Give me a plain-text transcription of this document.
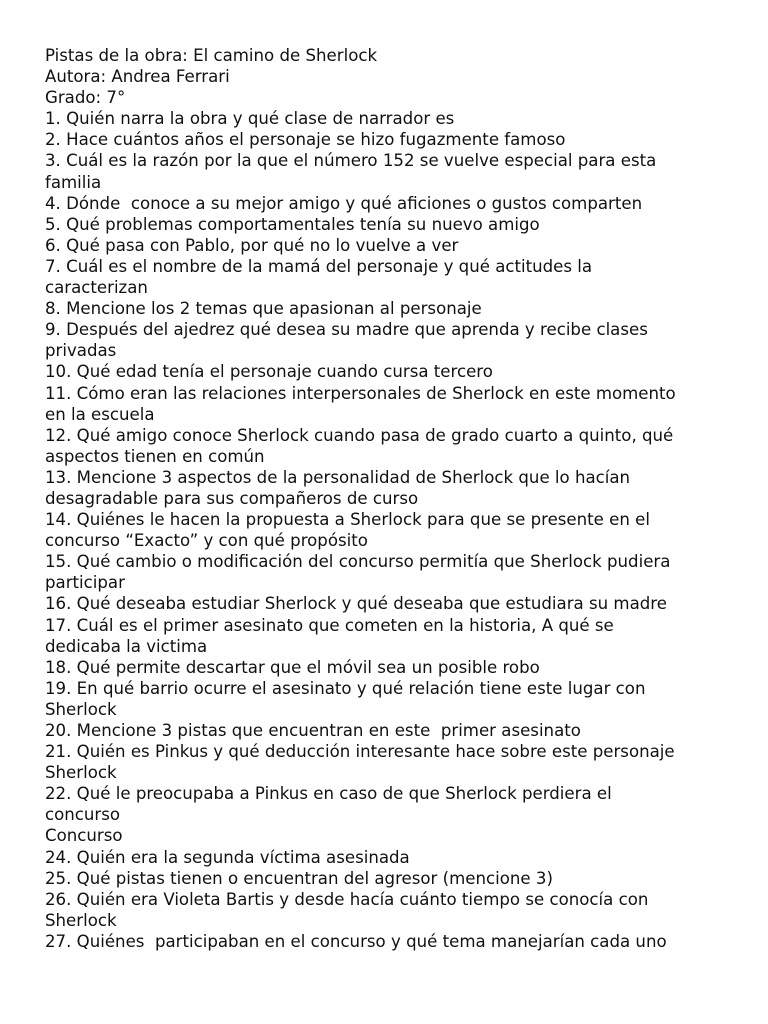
Pistas de la obra: El camino de Sherlock
Autora: Andrea Ferrari
Grado: 7°
1. Quién narra la obra y qué clase de narrador es
2. Hace cuántos años el personaje se hizo fugazmente famoso
3. Cuál es la razón por la que el número 152 se vuelve especial para esta
familia
4. Dónde  conoce a su mejor amigo y qué aficiones o gustos comparten
5. Qué problemas comportamentales tenía su nuevo amigo
6. Qué pasa con Pablo, por qué no lo vuelve a ver
7. Cuál es el nombre de la mamá del personaje y qué actitudes la
caracterizan
8. Mencione los 2 temas que apasionan al personaje
9. Después del ajedrez qué desea su madre que aprenda y recibe clases
privadas
10. Qué edad tenía el personaje cuando cursa tercero
11. Cómo eran las relaciones interpersonales de Sherlock en este momento
en la escuela
12. Qué amigo conoce Sherlock cuando pasa de grado cuarto a quinto, qué
aspectos tienen en común
13. Mencione 3 aspectos de la personalidad de Sherlock que lo hacían
desagradable para sus compañeros de curso
14. Quiénes le hacen la propuesta a Sherlock para que se presente en el
concurso “Exacto” y con qué propósito
15. Qué cambio o modificación del concurso permitía que Sherlock pudiera
participar
16. Qué deseaba estudiar Sherlock y qué deseaba que estudiara su madre
17. Cuál es el primer asesinato que cometen en la historia, A qué se
dedicaba la victima
18. Qué permite descartar que el móvil sea un posible robo
19. En qué barrio ocurre el asesinato y qué relación tiene este lugar con
Sherlock
20. Mencione 3 pistas que encuentran en este  primer asesinato
21. Quién es Pinkus y qué deducción interesante hace sobre este personaje
Sherlock
22. Qué le preocupaba a Pinkus en caso de que Sherlock perdiera el
concurso
Concurso
24. Quién era la segunda víctima asesinada
25. Qué pistas tienen o encuentran del agresor (mencione 3)
26. Quién era Violeta Bartis y desde hacía cuánto tiempo se conocía con
Sherlock
27. Quiénes  participaban en el concurso y qué tema manejarían cada uno
